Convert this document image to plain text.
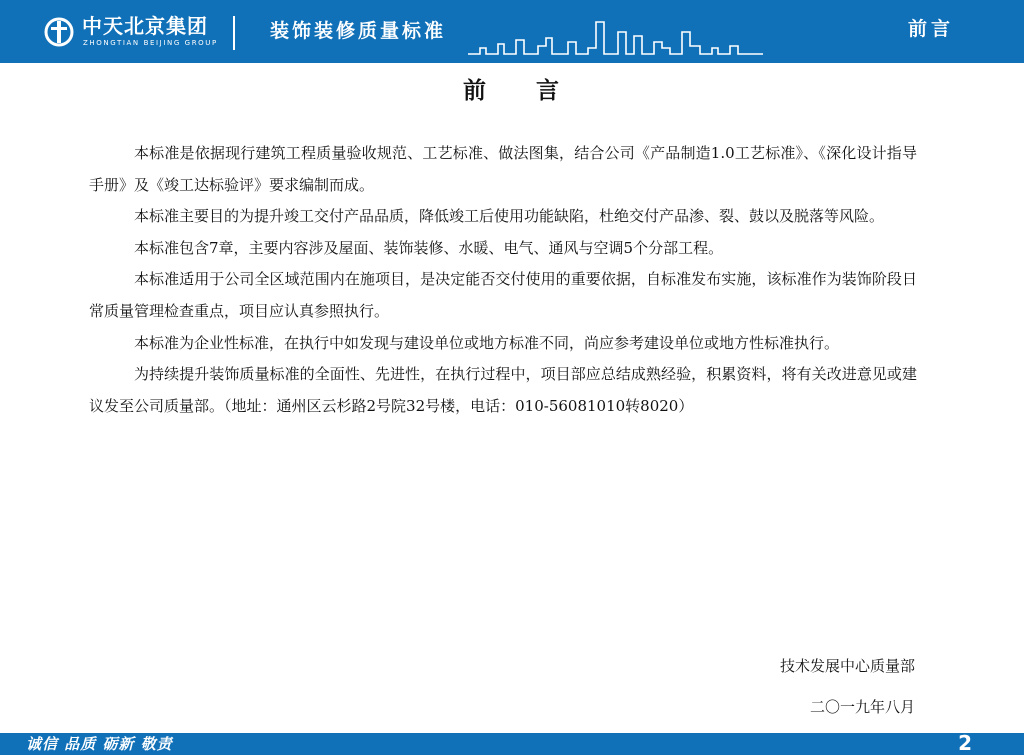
中天北京集团
ZHONGTIAN BEIJING GROUP
装饰装修质量标准	前言
前 言

本标准是依据现行建筑工程质量验收规范、工艺标准、做法图集，结合公司《产品制造1.0工艺标准》、《深化设计指导手册》及《竣工达标验评》要求编制而成。

本标准主要目的为提升竣工交付产品品质，降低竣工后使用功能缺陷，杜绝交付产品渗、裂、鼓以及脱落等风险。

本标准包含7章，主要内容涉及屋面、装饰装修、水暖、电气、通风与空调5个分部工程。

本标准适用于公司全区域范围内在施项目，是决定能否交付使用的重要依据，自标准发布实施，该标准作为装饰阶段日常质量管理检查重点，项目应认真参照执行。

本标准为企业性标准，在执行中如发现与建设单位或地方标准不同，尚应参考建设单位或地方性标准执行。

为持续提升装饰质量标准的全面性、先进性，在执行过程中，项目部应总结成熟经验，积累资料，将有关改进意见或建议发至公司质量部。（地址：通州区云杉路2号院32号楼，电话：010-56081010转8020）

技术发展中心质量部
二〇一九年八月
诚信 品质 砺新 敬责	2
